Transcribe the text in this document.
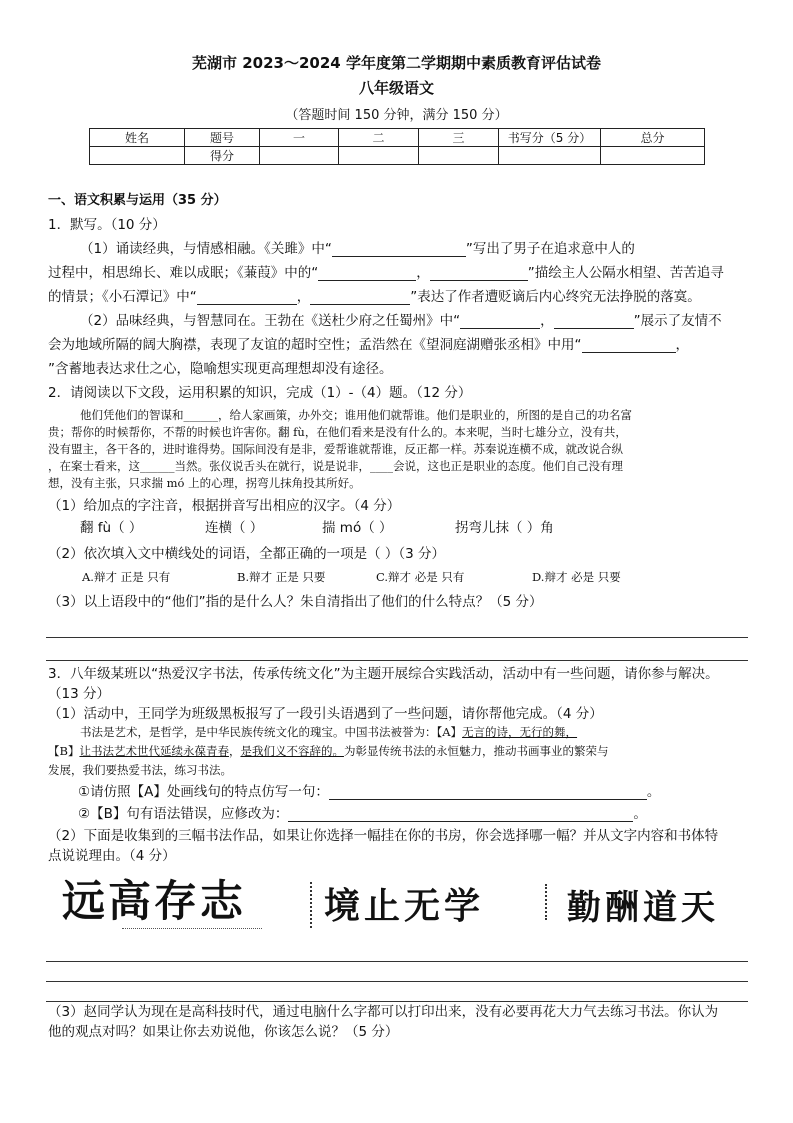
芜湖市 2023～2024 学年度第二学期期中素质教育评估试卷
八年级语文
（答题时间 150 分钟，满分 150 分）
姓名	题号	一	二	三	书写分（5 分）	总分
	得分					
一、语文积累与运用（35 分）
1．默写。（10 分）
（1）诵读经典，与情感相融。《关雎》中“	”写出了男子在追求意中人的
过程中，相思绵长、难以成眠；《蒹葭》中的“	，	”描绘主人公隔水相望、苦苦追寻
的情景；《小石潭记》中“	，	”表达了作者遭贬谪后内心终究无法挣脱的落寞。
（2）品味经典，与智慧同在。王勃在《送杜少府之任蜀州》中“	，	”展示了友情不
会为地域所隔的阔大胸襟，表现了友谊的超时空性；孟浩然在《望洞庭湖赠张丞相》中用“	，
”含蓄地表达求仕之心，隐喻想实现更高理想却没有途径。
2．请阅读以下文段，运用积累的知识，完成（1）-（4）题。（12 分）
他们凭他们的智谋和______，给人家画策，办外交；谁用他们就帮谁。他们是职业的，所图的是自己的功名富
贵；帮你的时候帮你，不帮的时候也许害你。翻 fù，在他们看来是没有什么的。本来呢，当时七雄分立，没有共，
没有盟主，各干各的，进时谁得势。国际间没有是非，爱帮谁就帮谁，反正都一样。苏秦说连横不成，就改说合纵
，在案士看来，这______当然。张仪说舌头在就行，说是说非，____会说，这也正是职业的态度。他们自己没有理
想，没有主张，只求揣 mó 上的心理，拐弯儿抹角投其所好。
（1）给加点的字注音，根据拼音写出相应的汉字。（4 分）
翻 fù（ ）	连横（ ）	揣 mó（ ）	拐弯儿抹（ ）角
（2）依次填入文中横线处的词语，全都正确的一项是（ ）（3 分）
A.辩才 正是 只有	B.辩才 正是 只要	C.辩才 必是 只有	D.辩才 必是 只要
（3）以上语段中的“他们”指的是什么人？朱自清指出了他们的什么特点？（5 分）
3．八年级某班以“热爱汉字书法，传承传统文化”为主题开展综合实践活动，活动中有一些问题，请你参与解决。
（13 分）
（1）活动中，王同学为班级黑板报写了一段引头语遇到了一些问题，请你帮他完成。（4 分）
书法是艺术，是哲学，是中华民族传统文化的瑰宝。中国书法被誉为：【A】无言的诗，无行的舞，
【B】让书法艺术世代延续永葆青春，是我们义不容辞的。为彰显传统书法的永恒魅力，推动书画事业的繁荣与
发展，我们要热爱书法，练习书法。
①请仿照【A】处画线句的特点仿写一句：	。
②【B】句有语法错误，应修改为：	。
（2）下面是收集到的三幅书法作品，如果让你选择一幅挂在你的书房，你会选择哪一幅？并从文字内容和书体特
点说说理由。（4 分）
志存高远 学无止境 天道酬勤
（3）赵同学认为现在是高科技时代，通过电脑什么字都可以打印出来，没有必要再花大力气去练习书法。你认为
他的观点对吗？如果让你去劝说他，你该怎么说？（5 分）
